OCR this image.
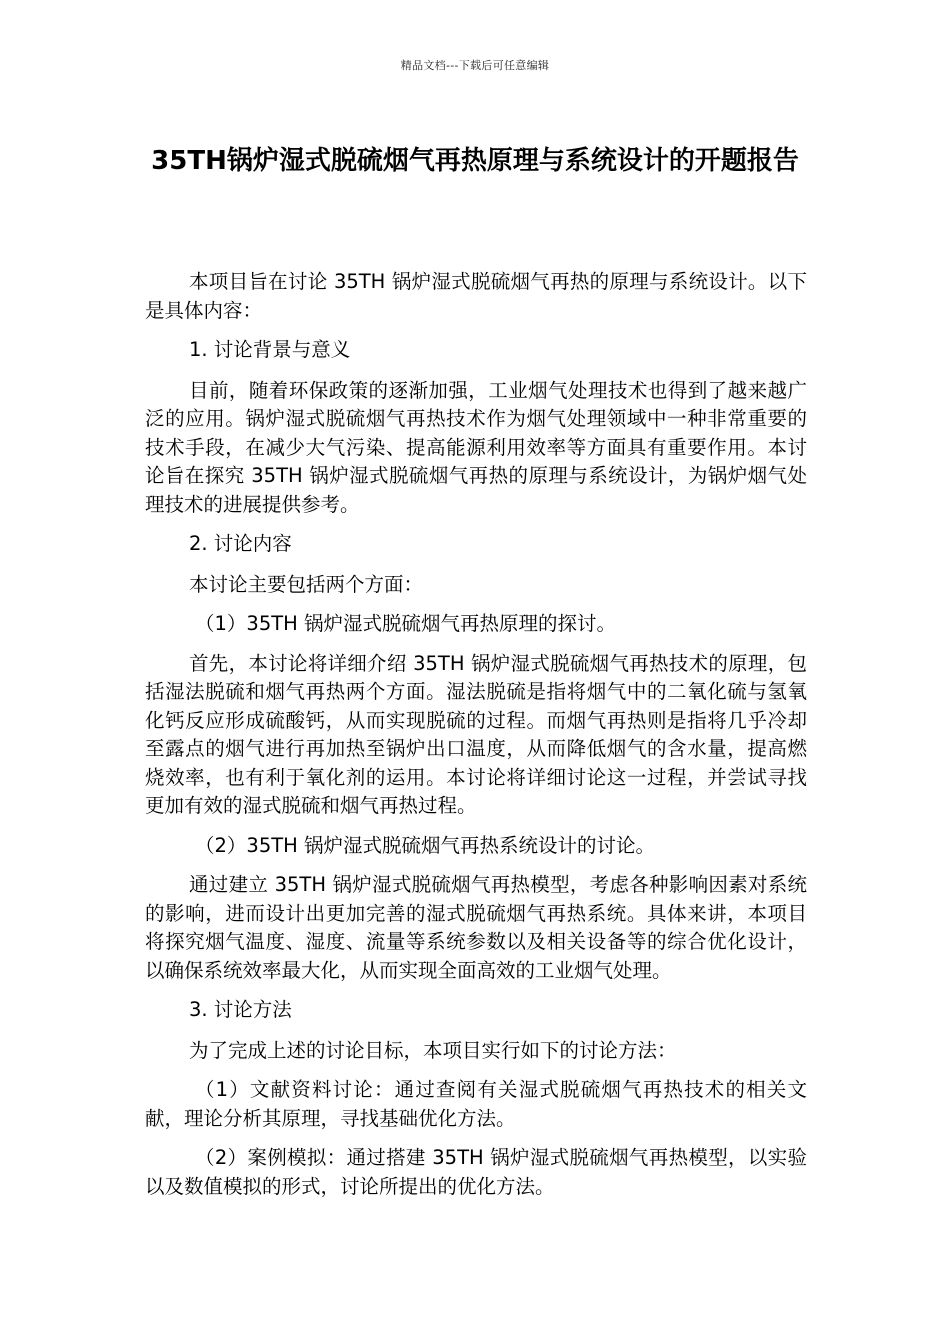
精品文档---下载后可任意编辑
35TH锅炉湿式脱硫烟气再热原理与系统设计的开题报告

本项目旨在讨论 35TH 锅炉湿式脱硫烟气再热的原理与系统设计。以下是具体内容：

1. 讨论背景与意义

目前，随着环保政策的逐渐加强，工业烟气处理技术也得到了越来越广泛的应用。锅炉湿式脱硫烟气再热技术作为烟气处理领域中一种非常重要的技术手段，在减少大气污染、提高能源利用效率等方面具有重要作用。本讨论旨在探究 35TH 锅炉湿式脱硫烟气再热的原理与系统设计，为锅炉烟气处理技术的进展提供参考。

2. 讨论内容

本讨论主要包括两个方面：

（1）35TH 锅炉湿式脱硫烟气再热原理的探讨。

首先，本讨论将详细介绍 35TH 锅炉湿式脱硫烟气再热技术的原理，包括湿法脱硫和烟气再热两个方面。湿法脱硫是指将烟气中的二氧化硫与氢氧化钙反应形成硫酸钙，从而实现脱硫的过程。而烟气再热则是指将几乎冷却至露点的烟气进行再加热至锅炉出口温度，从而降低烟气的含水量，提高燃烧效率，也有利于氧化剂的运用。本讨论将详细讨论这一过程，并尝试寻找更加有效的湿式脱硫和烟气再热过程。

（2）35TH 锅炉湿式脱硫烟气再热系统设计的讨论。

通过建立 35TH 锅炉湿式脱硫烟气再热模型，考虑各种影响因素对系统的影响，进而设计出更加完善的湿式脱硫烟气再热系统。具体来讲，本项目将探究烟气温度、湿度、流量等系统参数以及相关设备等的综合优化设计，以确保系统效率最大化，从而实现全面高效的工业烟气处理。

3. 讨论方法

为了完成上述的讨论目标，本项目实行如下的讨论方法：

（1）文献资料讨论：通过查阅有关湿式脱硫烟气再热技术的相关文献，理论分析其原理，寻找基础优化方法。

（2）案例模拟：通过搭建 35TH 锅炉湿式脱硫烟气再热模型，以实验以及数值模拟的形式，讨论所提出的优化方法。
